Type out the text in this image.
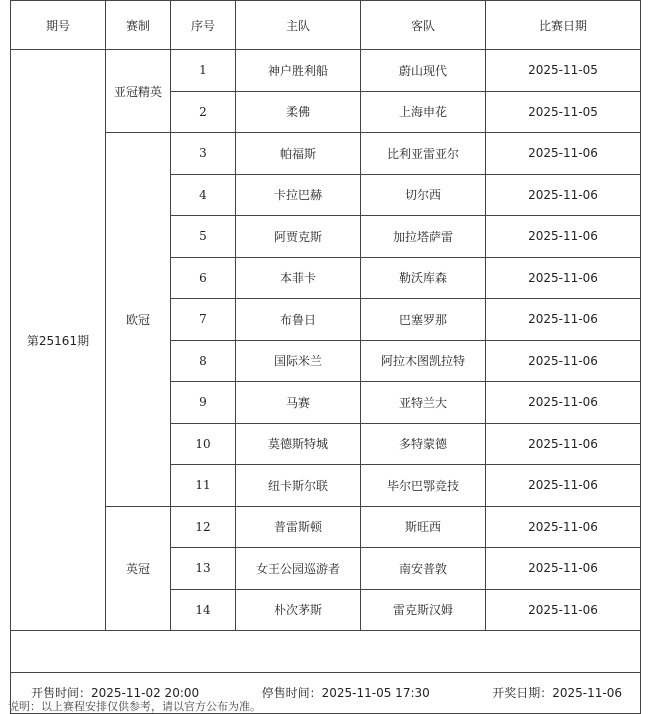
期号	赛制	序号	主队	客队	比赛日期
第25161期	亚冠精英	1	神户胜利船	蔚山现代	2025-11-05
		2	柔佛	上海申花	2025-11-05
	欧冠	3	帕福斯	比利亚雷亚尔	2025-11-06
		4	卡拉巴赫	切尔西	2025-11-06
		5	阿贾克斯	加拉塔萨雷	2025-11-06
		6	本菲卡	勒沃库森	2025-11-06
		7	布鲁日	巴塞罗那	2025-11-06
		8	国际米兰	阿拉木图凯拉特	2025-11-06
		9	马赛	亚特兰大	2025-11-06
		10	莫德斯特城	多特蒙德	2025-11-06
		11	纽卡斯尔联	毕尔巴鄂竞技	2025-11-06
	英冠	12	普雷斯顿	斯旺西	2025-11-06
		13	女王公园巡游者	南安普敦	2025-11-06
		14	朴次茅斯	雷克斯汉姆	2025-11-06

开售时间：2025-11-02 20:00 停售时间：2025-11-05 17:30 开奖日期：2025-11-06					
说明：以上赛程安排仅供参考，请以官方公布为准。
